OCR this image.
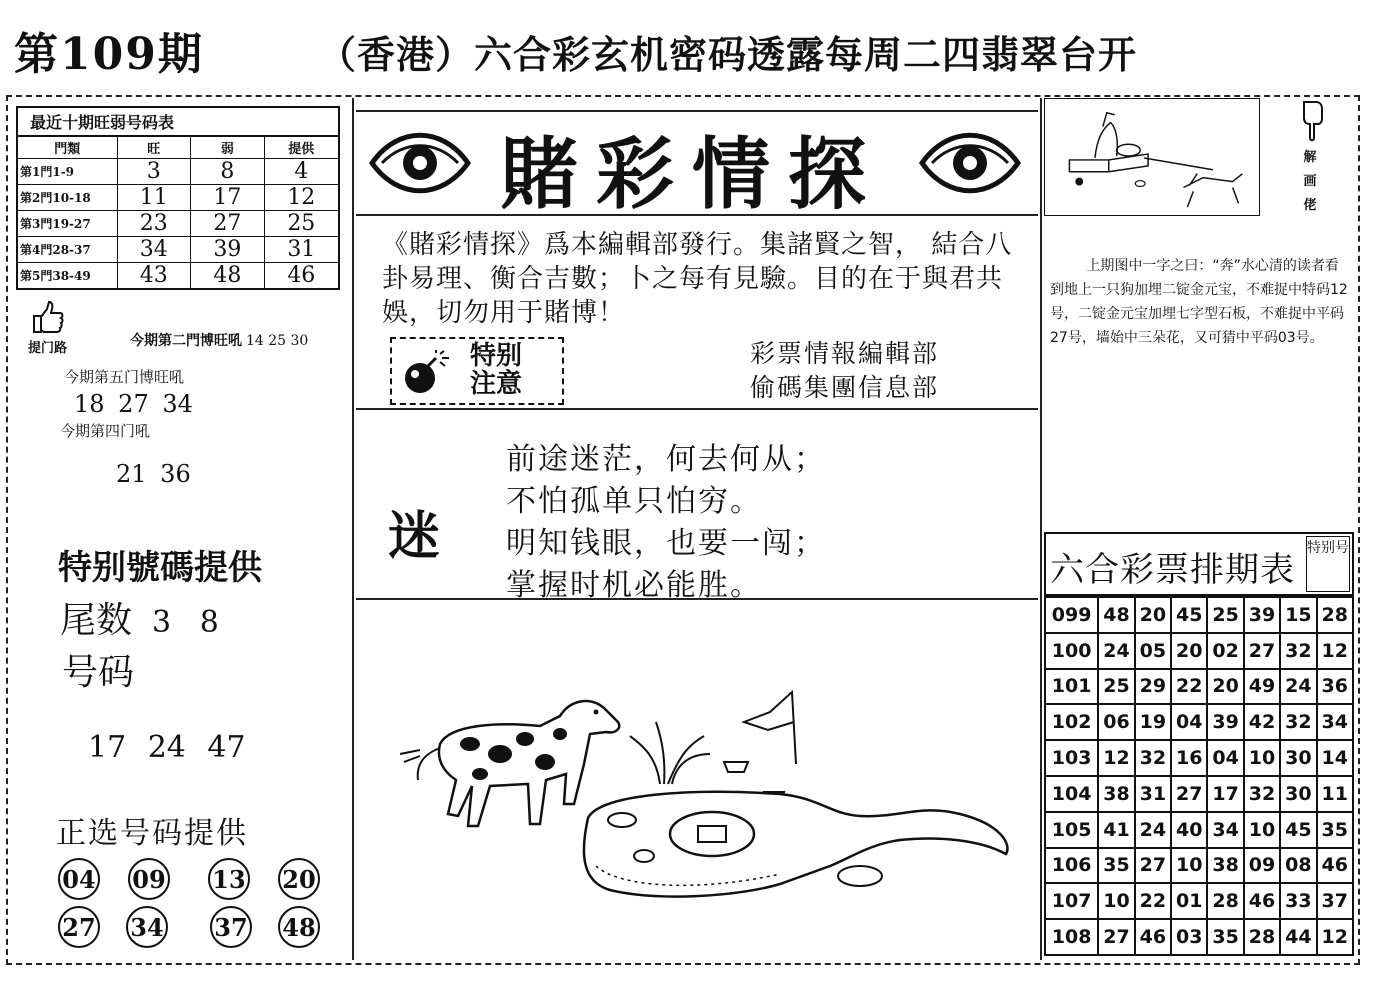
第109期	（香港）六合彩玄机密码透露每周二四翡翠台开
最近十期旺弱号码表
門類	旺	弱	提供
第1門1-9	3	8	4
第2門10-18	11	17	12
第3門19-27	23	27	25
第4門28-37	34	39	31
第5門38-49	43	48	46
提门路	今期第二門博旺吼 14 25 30
今期第五门博旺吼
18 27 34
今期第四门吼
21 36
特别號碼提供
尾数 3   8
号码
17 24 47
正选号码提供
04 09 13 20
27 34 37 48
賭彩情探
《賭彩情探》爲本編輯部發行。集諸賢之智， 結合八卦易理、衡合吉數；卜之每有見驗。目的在于與君共娛，切勿用于賭博！
特别注意
彩票情報編輯部
偷碼集團信息部
迷
前途迷茫，何去何从；
不怕孤单只怕穷。
明知钱眼，也要一闯；
掌握时机必能胜。
解画佬
上期图中一字之曰：“奔”水心清的读者看到地上一只狗加埋二锭金元宝，不难捉中特码12号，二锭金元宝加埋七字型石板，不难捉中平码27号，墙始中三朵花，又可猜中平码03号。
六合彩票排期表
特别号
099	48	20	45	25	39	15	28
100	24	05	20	02	27	32	12
101	25	29	22	20	49	24	36
102	06	19	04	39	42	32	34
103	12	32	16	04	10	30	14
104	38	31	27	17	32	30	11
105	41	24	40	34	10	45	35
106	35	27	10	38	09	08	46
107	10	22	01	28	46	33	37
108	27	46	03	35	28	44	12
